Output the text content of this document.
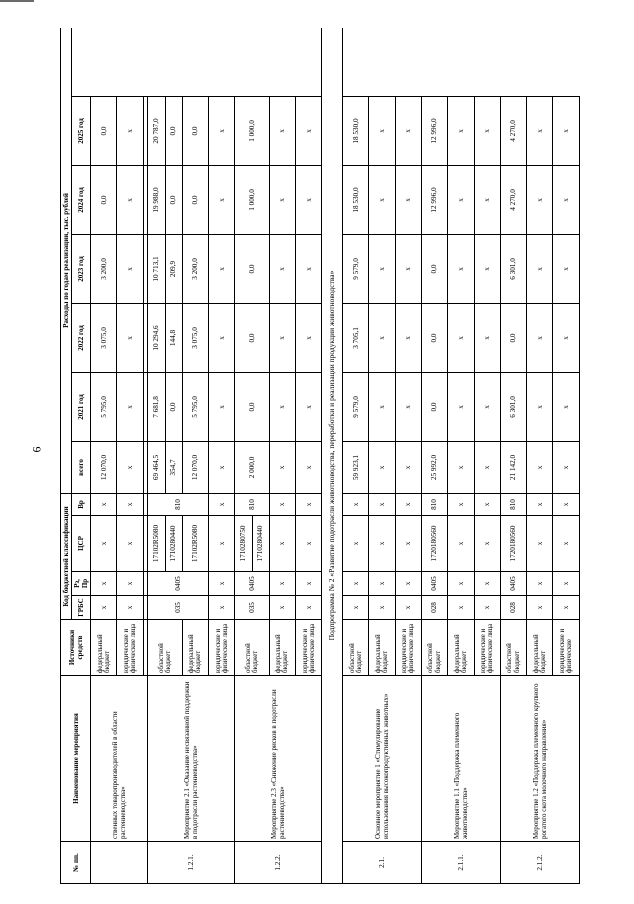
6
№ пп.	Наименование мероприятия	Источники средств	Код бюджетной классификации				Расходы по годам реализации, тыс. рублей					
			ГРБС	Рз, Пр	ЦСР	Вр	всего	2021 год	2022 год	2023 год	2024 год	2025 год
	ственных товаропроизводителей в области растениеводства»	федеральный бюджет	х	х	х	х	12 070,0	5 795,0	3 075,0	3 200,0	0,0	0,0
		юридические и физические лица	х	х	х	х	х	х	х	х	х	х

1.2.1.	Мероприятие 2.1 «Оказание несвязанной поддержки в подотрасли растениеводства»	областной бюджет	035	0405	17102R5080	810	69 464,5	7 681,8	10 294,6	10 713,1	19 988,0	20 787,0
					1710280440		354,7	0,0	144,8	209,9	0,0	0,0
		федеральный бюджет			17102R5080		12 070,0	5 795,0	3 075,0	3 200,0	0,0	0,0
		юридические и физические лица	х	х	х	х	х	х	х	х	х	х
1.2.2.	Мероприятие 2.3 «Снижение рисков в подотрасли растениеводства»	областной бюджет	035	0405	1710280750	810	2 000,0	0,0	0,0	0,0	1 000,0	1 000,0
					1710280440							
		федеральный бюджет	х	х	х	х	х	х	х	х	х	х
		юридические и физические лица	х	х	х	х	х	х	х	х	х	х
Подпрограмма № 2 «Развитие подотрасли животноводства, переработки и реализации продукции животноводства»												
2.1.	Основное мероприятие 1 «Стимулирование использования высокопродуктивных животных»	областной бюджет	х	х	х	х	59 923,1	9 579,0	3 705,1	9 579,0	18 530,0	18 530,0
		федеральный бюджет	х	х	х	х	х	х	х	х	х	х
		юридические и физические лица	х	х	х	х	х	х	х	х	х	х
2.1.1.	Мероприятие 1.1 «Поддержка племенного животноводства»	областной бюджет	028	0405	1720180560	810	25 992,0	0,0	0,0	0,0	12 996,0	12 996,0
		федеральный бюджет	х	х	х	х	х	х	х	х	х	х
		юридические и физические лица	х	х	х	х	х	х	х	х	х	х
2.1.2.	Мероприятие 1.2 «Поддержка племенного крупного рогатого скота молочного направления»	областной бюджет	028	0405	1720180560	810	21 142,0	6 301,0	0,0	6 301,0	4 270,0	4 270,0
		федеральный бюджет	х	х	х	х	х	х	х	х	х	х
		юридические и физические	х	х	х	х	х	х	х	х	х	х
